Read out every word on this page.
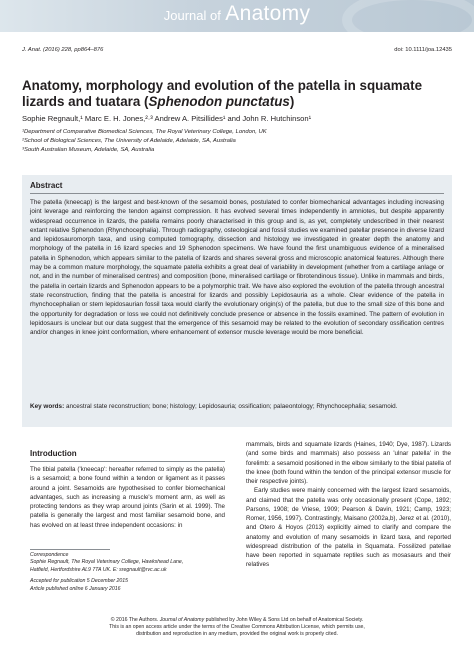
Journal of Anatomy
J. Anat. (2016) 228, pp864–876	doi: 10.1111/joa.12435
Anatomy, morphology and evolution of the patella in squamate lizards and tuatara (Sphenodon punctatus)
Sophie Regnault,¹ Marc E. H. Jones,²·³ Andrew A. Pitsillides¹ and John R. Hutchinson¹
¹Department of Comparative Biomedical Sciences, The Royal Veterinary College, London, UK
²School of Biological Sciences, The University of Adelaide, Adelaide, SA, Australia
³South Australian Museum, Adelaide, SA, Australia
Abstract
The patella (kneecap) is the largest and best-known of the sesamoid bones, postulated to confer biomechanical advantages including increasing joint leverage and reinforcing the tendon against compression. It has evolved several times independently in amniotes, but despite apparently widespread occurrence in lizards, the patella remains poorly characterised in this group and is, as yet, completely undescribed in their nearest extant relative Sphenodon (Rhynchocephalia). Through radiography, osteological and fossil studies we examined patellar presence in diverse lizard and lepidosauromorph taxa, and using computed tomography, dissection and histology we investigated in greater depth the anatomy and morphology of the patella in 16 lizard species and 19 Sphenodon specimens. We have found the first unambiguous evidence of a mineralised patella in Sphenodon, which appears similar to the patella of lizards and shares several gross and microscopic anatomical features. Although there may be a common mature morphology, the squamate patella exhibits a great deal of variability in development (whether from a cartilage anlage or not, and in the number of mineralised centres) and composition (bone, mineralised cartilage or fibrotendinous tissue). Unlike in mammals and birds, the patella in certain lizards and Sphenodon appears to be a polymorphic trait. We have also explored the evolution of the patella through ancestral state reconstruction, finding that the patella is ancestral for lizards and possibly Lepidosauria as a whole. Clear evidence of the patella in rhynchocephalian or stem lepidosaurian fossil taxa would clarify the evolutionary origin(s) of the patella, but due to the small size of this bone and the opportunity for degradation or loss we could not definitively conclude presence or absence in the fossils examined. The pattern of evolution in lepidosaurs is unclear but our data suggest that the emergence of this sesamoid may be related to the evolution of secondary ossification centres and/or changes in knee joint conformation, where enhancement of extensor muscle leverage would be more beneficial.
Key words: ancestral state reconstruction; bone; histology; Lepidosauria; ossification; palaeontology; Rhynchocephalia; sesamoid.
Introduction
The tibial patella ('kneecap': hereafter referred to simply as the patella) is a sesamoid; a bone found within a tendon or ligament as it passes around a joint. Sesamoids are hypothesised to confer biomechanical advantages, such as increasing a muscle's moment arm, as well as protecting tendons as they wrap around joints (Sarin et al. 1999). The patella is generally the largest and most familiar sesamoid bone, and has evolved on at least three independent occasions: in

mammals, birds and squamate lizards (Haines, 1940; Dye, 1987). Lizards (and some birds and mammals) also possess an 'ulnar patella' in the forelimb: a sesamoid positioned in the elbow similarly to the tibial patella of the knee (both found within the tendon of the principal extensor muscle for their respective joints).

Early studies were mainly concerned with the largest lizard sesamoids, and claimed that the patella was only occasionally present (Cope, 1892; Parsons, 1908; de Vriese, 1909; Pearson & Davin, 1921; Camp, 1923; Romer, 1956, 1997). Contrastingly, Maisano (2002a,b), Jerez et al. (2010), and Otero & Hoyos (2013) explicitly aimed to clarify and compare the anatomy and evolution of many sesamoids in lizard taxa, and reported widespread distribution of the patella in Squamata. Fossilized patellae have been reported in squamate reptiles such as mosasaurs and their relatives

Correspondence
Sophie Regnault, The Royal Veterinary College, Hawkshead Lane,
Hatfield, Hertfordshire AL9 7TA UK. E: sregnault@rvc.ac.uk
Accepted for publication 5 December 2015
Article published online 6 January 2016
© 2016 The Authors. Journal of Anatomy published by John Wiley & Sons Ltd on behalf of Anatomical Society.
This is an open access article under the terms of the Creative Commons Attribution License, which permits use,
distribution and reproduction in any medium, provided the original work is properly cited.
